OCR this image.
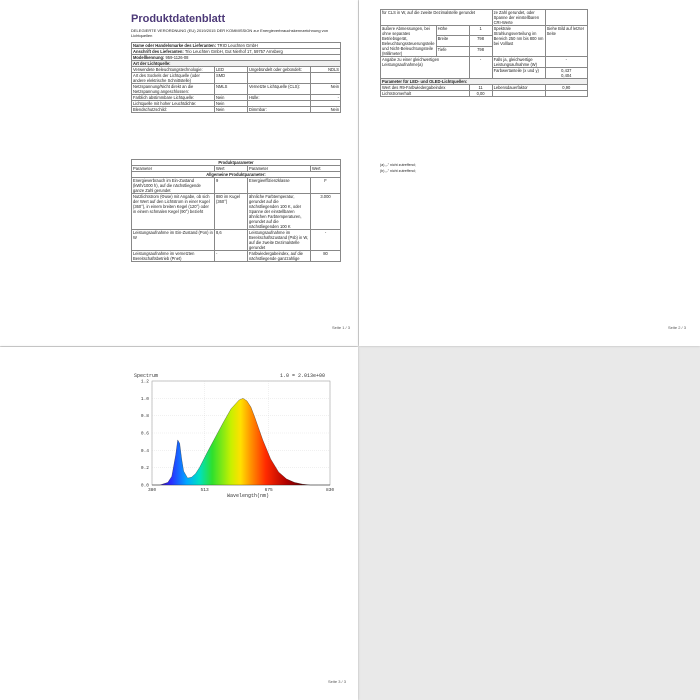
Produktdatenblatt
DELEGIERTE VERORDNUNG (EU) 2019/2015 DER KOMMISSION zur Energieverbrauchskennzeichnung von Lichtquellen
Name oder Handelsmarke des Lieferanten: TRIO Leuchten GmbH			
Anschrift des Lieferanten: Trio Leuchten GmbH, Gut Nierhof 17, 59757 Arnsberg			
Modellkennung: 959-1126-08			
Art der Lichtquelle:			
Verwendete Beleuchtungstechnologie:	LED	Ungebündelt oder gebündelt:	NDLS
Art des Sockels der Lichtquelle (oder andere elektrische Schnittstelle)	SMD		
Netzspannung/Nicht direkt an die Netzspannung angeschlossen:	NMLS	Vernetzte Lichtquelle (CLS):	Nein
Farblich abstimmbare Lichtquelle:	Nein	Hülle:	-
Lichtquelle mit hoher Leuchtdichte:	Nein		
Blendschutzschild:	Nein	Dimmbar:	Nein
Produktparameter			
Parameter	Wert	Parameter	Wert
Allgemeine Produktparameter:			
Energieverbrauch im Ein-Zustand (kWh/1000 h), auf die nächstliegende ganze Zahl gerundet	9	Energieeffizienzklasse	F
Nutzlichtstrom (Φuse) mit Angabe, ob sich der Wert auf den Lichtstrom in einer Kugel (360°), in einem breiten Kegel (120°) oder in einem schmalen Kegel (90°) bezieht	880 im Kugel (360°)	ähnliche Farbtemperatur, gerundet auf die nächstliegenden 100 K, oder Spanne der einstellbaren ähnlichen Farbtemperaturen, gerundet auf die nächstliegenden 100 K	3.000
Leistungsaufnahme im Ein-Zustand (Pon) in W	8,6	Leistungsaufnahme im Bereitschaftszustand (Psb) in W, auf die zweite Dezimalstelle gerundet	-
Leistungsaufnahme im vernetzten Bereitschaftsbetrieb (Pnet)	-	Farbwiedergabeindex, auf die nächstliegende ganzzahlige	80
Seite 1 / 3	Seite 2 / 3
für CLS in W, auf die zweite Dezimalstelle gerundet			ze Zahl gerundet, oder Spanne der einstellbaren CRI-Werte	
äußere Abmessungen, bei ohne separates Betriebsgerät, Beleuchtungssteuerungsteile und Nicht-Beleuchtungsteile (Millimeter)	Höhe	1	Spektrale Strahlungsverteilung im Bereich 250 nm bis 800 nm bei Volllast	Siehe Bild auf letzter Seite
	Breite	798		
	Tiefe	798		
Angabe zu einer gleichwertigen Leistungsaufnahme(a)		-	Falls ja, gleichwertige Leistungsaufnahme (W)	-
			Farbwertanteile (x und y)	0,437
0,404
Parameter für LED- und OLED-Lichtquellen:				
Wert des R9-Farbwiedergabeindex		11	Lebensdauerfaktor	0,90
Lichtstromerhalt		0,00		
(a) „-" nicht zutreffend;
(b) „-" nicht zutreffend;
Seite 3 / 3
1.2
1.0
0.8
0.6
0.4
0.2
0.0
380	513	675	830
Spectrum	1.0 = 2.013e+00
Wavelength(nm)
